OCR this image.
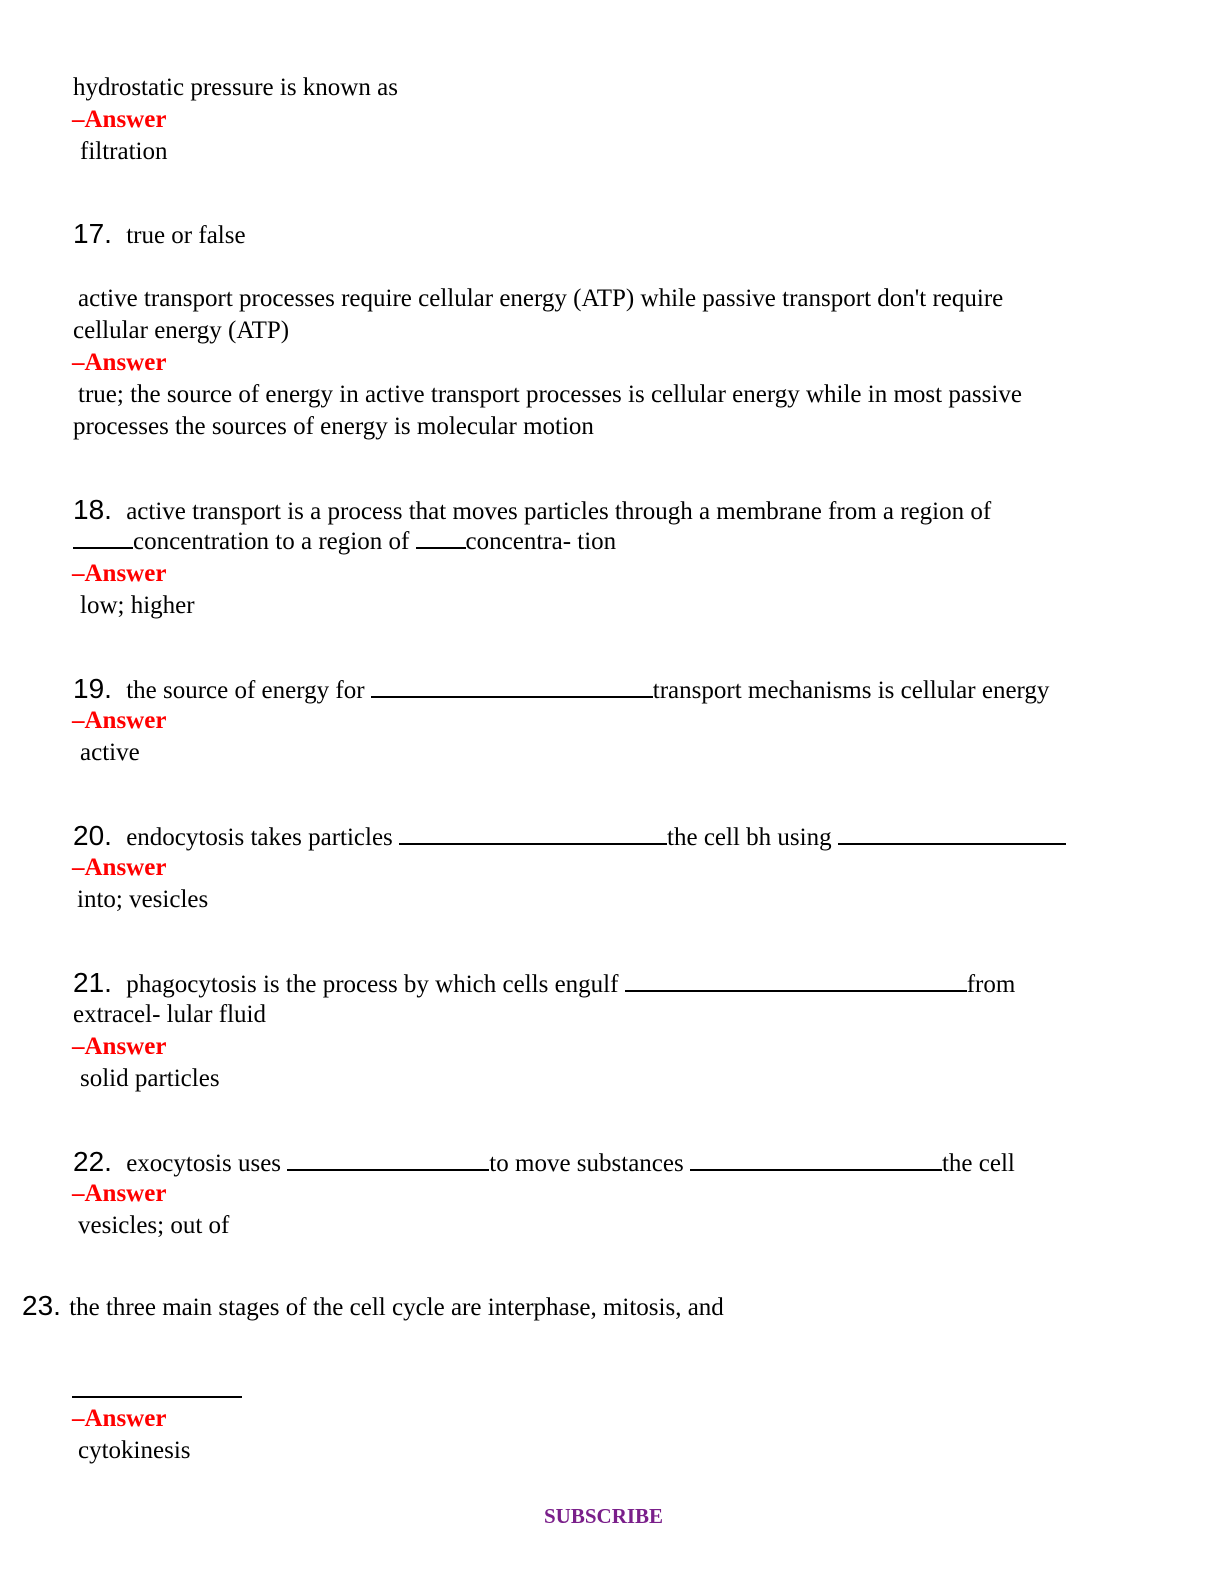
hydrostatic pressure is known as
–Answer
filtration
17. true or false
active transport processes require cellular energy (ATP) while passive transport don't require
cellular energy (ATP)
–Answer
true; the source of energy in active transport processes is cellular energy while in most passive
processes the sources of energy is molecular motion
18. active transport is a process that moves particles through a membrane from a region of
concentration to a region of concentra- tion
–Answer
low; higher
19. the source of energy for	transport mechanisms is cellular energy
–Answer
active
20. endocytosis takes particles	the cell bh using
–Answer
into; vesicles
21. phagocytosis is the process by which cells engulf	from
extracel- lular fluid
–Answer
solid particles
22. exocytosis uses	to move substances	the cell
–Answer
vesicles; out of
23. the three main stages of the cell cycle are interphase, mitosis, and
–Answer
cytokinesis
SUBSCRIBE
